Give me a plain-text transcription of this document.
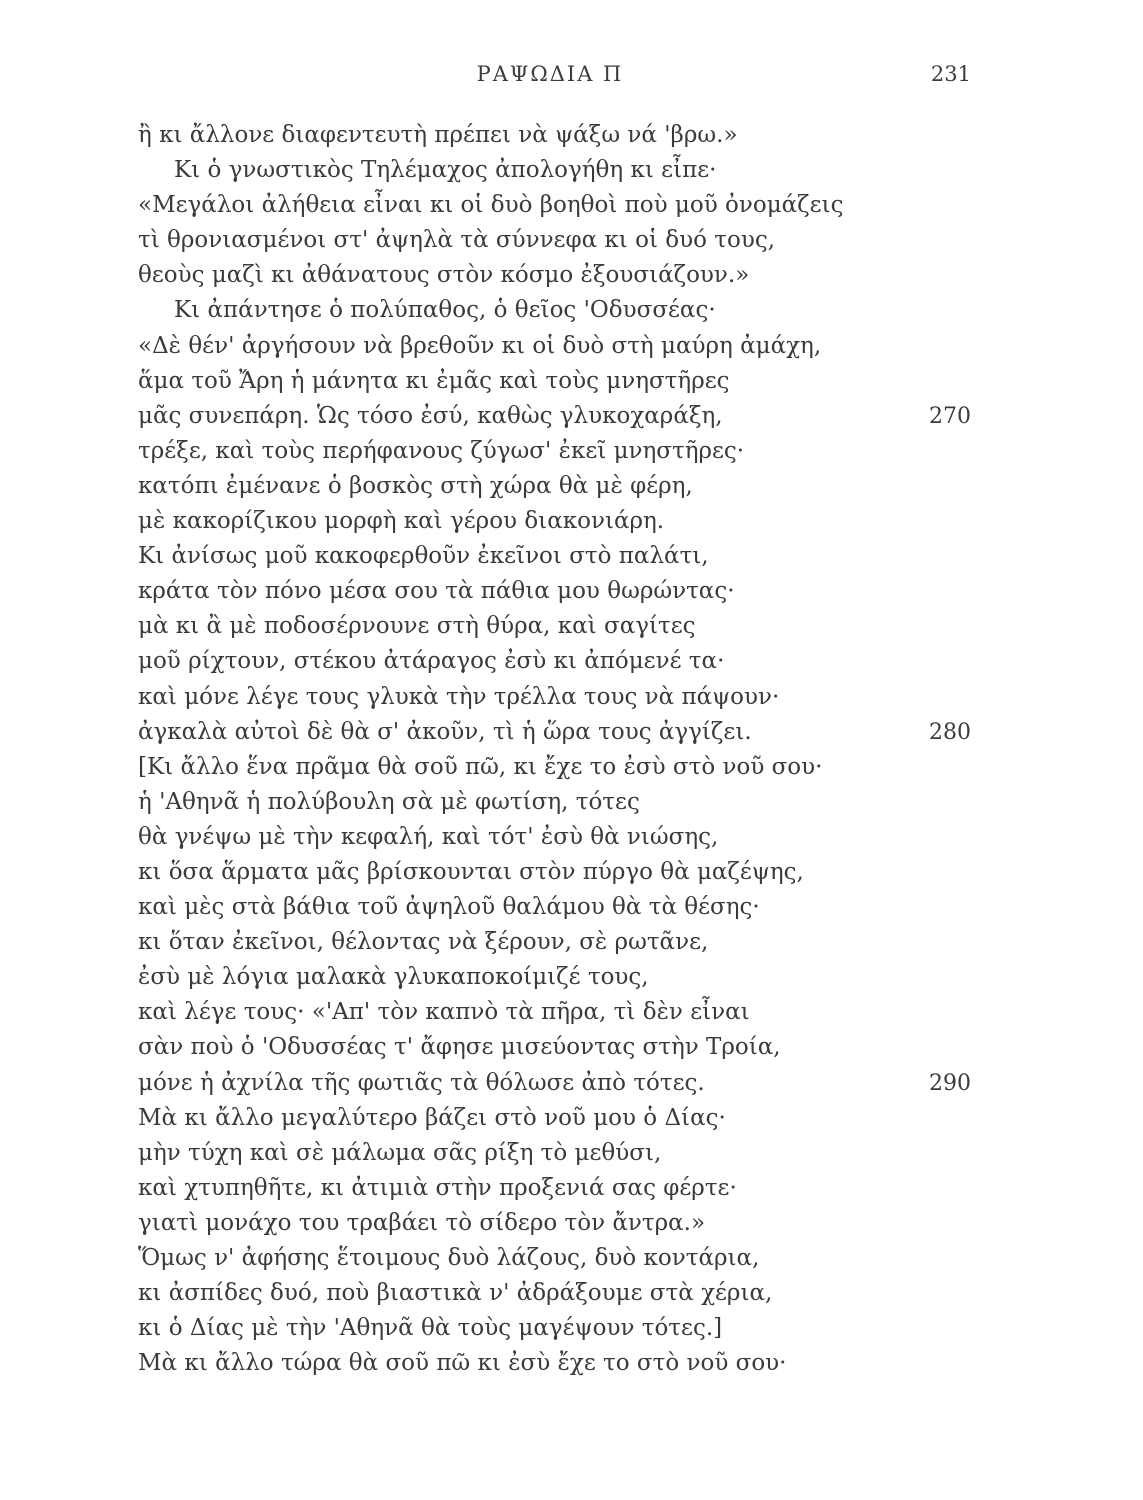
ΡΑΨΩΔΙΑ Π	231
ἢ κι ἄλλονε διαφεντευτὴ πρέπει νὰ ψάξω νά 'βρω.»
Κι ὁ γνωστικὸς Τηλέμαχος ἀπολογήθη κι εἶπε·
«Μεγάλοι ἀλήθεια εἶναι κι οἱ δυὸ βοηθοὶ ποὺ μοῦ ὀνομάζεις
τὶ θρονιασμένοι στ' ἀψηλὰ τὰ σύννεφα κι οἱ δυό τους,
θεοὺς μαζὶ κι ἀθάνατους στὸν κόσμο ἐξουσιάζουν.»
Κι ἀπάντησε ὁ πολύπαθος, ὁ θεῖος 'Οδυσσέας·
«Δὲ θέν' ἀργήσουν νὰ βρεθοῦν κι οἱ δυὸ στὴ μαύρη ἀμάχη,
ἅμα τοῦ Ἄρη ἡ μάνητα κι ἐμᾶς καὶ τοὺς μνηστῆρες
μᾶς συνεπάρη. Ὡς τόσο ἐσύ, καθὼς γλυκοχαράξη,	270
τρέξε, καὶ τοὺς περήφανους ζύγωσ' ἐκεῖ μνηστῆρες·
κατόπι ἐμένανε ὁ βοσκὸς στὴ χώρα θὰ μὲ φέρη,
μὲ κακορίζικου μορφὴ καὶ γέρου διακονιάρη.
Κι ἀνίσως μοῦ κακοφερθοῦν ἐκεῖνοι στὸ παλάτι,
κράτα τὸν πόνο μέσα σου τὰ πάθια μου θωρώντας·
μὰ κι ἂ μὲ ποδοσέρνουνε στὴ θύρα, καὶ σαγίτες
μοῦ ρίχτουν, στέκου ἀτάραγος ἐσὺ κι ἀπόμενέ τα·
καὶ μόνε λέγε τους γλυκὰ τὴν τρέλλα τους νὰ πάψουν·
ἀγκαλὰ αὐτοὶ δὲ θὰ σ' ἀκοῦν, τὶ ἡ ὥρα τους ἀγγίζει.	280
[Κι ἄλλο ἕνα πρᾶμα θὰ σοῦ πῶ, κι ἔχε το ἐσὺ στὸ νοῦ σου·
ἡ 'Αθηνᾶ ἡ πολύβουλη σὰ μὲ φωτίση, τότες
θὰ γνέψω μὲ τὴν κεφαλή, καὶ τότ' ἐσὺ θὰ νιώσης,
κι ὅσα ἅρματα μᾶς βρίσκουνται στὸν πύργο θὰ μαζέψης,
καὶ μὲς στὰ βάθια τοῦ ἀψηλοῦ θαλάμου θὰ τὰ θέσης·
κι ὅταν ἐκεῖνοι, θέλοντας νὰ ξέρουν, σὲ ρωτᾶνε,
ἐσὺ μὲ λόγια μαλακὰ γλυκαποκοίμιζέ τους,
καὶ λέγε τους· «'Απ' τὸν καπνὸ τὰ πῆρα, τὶ δὲν εἶναι
σὰν ποὺ ὁ 'Οδυσσέας τ' ἄφησε μισεύοντας στὴν Τροία,
μόνε ἡ ἀχνίλα τῆς φωτιᾶς τὰ θόλωσε ἀπὸ τότες.	290
Μὰ κι ἄλλο μεγαλύτερο βάζει στὸ νοῦ μου ὁ Δίας·
μὴν τύχη καὶ σὲ μάλωμα σᾶς ρίξη τὸ μεθύσι,
καὶ χτυπηθῆτε, κι ἀτιμιὰ στὴν προξενιά σας φέρτε·
γιατὶ μονάχο του τραβάει τὸ σίδερο τὸν ἄντρα.»
Ὅμως ν' ἀφήσης ἕτοιμους δυὸ λάζους, δυὸ κοντάρια,
κι ἀσπίδες δυό, ποὺ βιαστικὰ ν' ἀδράξουμε στὰ χέρια,
κι ὁ Δίας μὲ τὴν 'Αθηνᾶ θὰ τοὺς μαγέψουν τότες.]
Μὰ κι ἄλλο τώρα θὰ σοῦ πῶ κι ἐσὺ ἔχε το στὸ νοῦ σου·
